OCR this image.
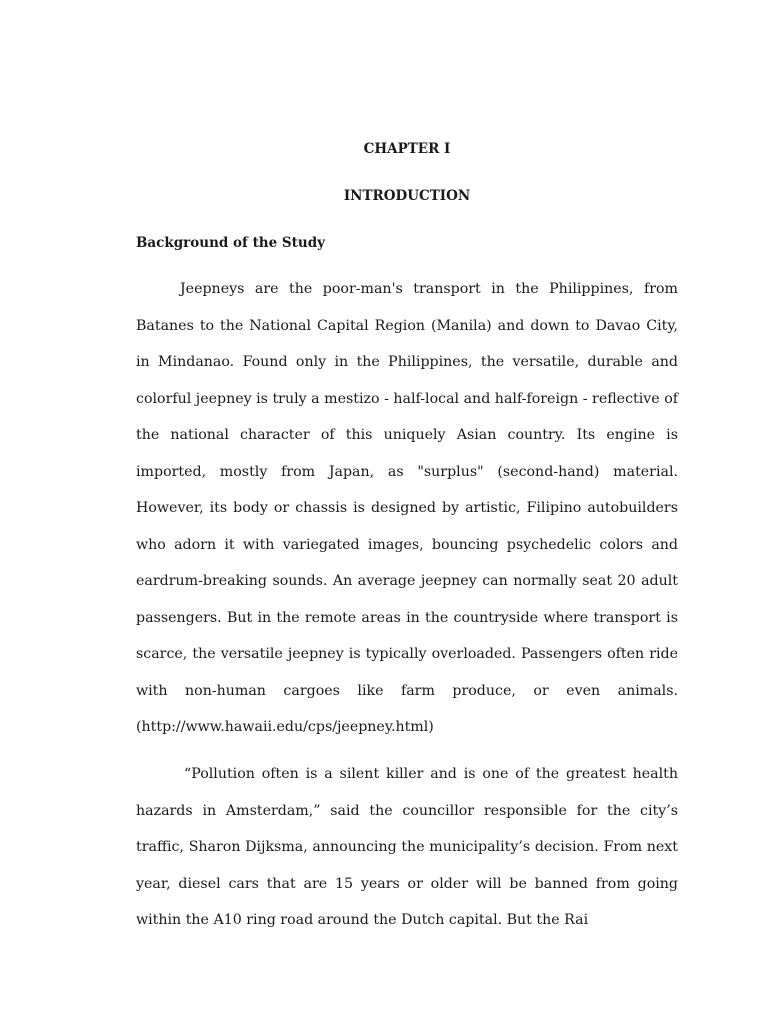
CHAPTER I
INTRODUCTION
Background of the Study

Jeepneys are the poor-man's transport in the Philippines, from Batanes to the National Capital Region (Manila) and down to Davao City, in Mindanao. Found only in the Philippines, the versatile, durable and colorful jeepney is truly a mestizo - half-local and half-foreign - reflective of the national character of this uniquely Asian country. Its engine is imported, mostly from Japan, as "surplus" (second-hand) material. However, its body or chassis is designed by artistic, Filipino autobuilders who adorn it with variegated images, bouncing psychedelic colors and eardrum-breaking sounds. An average jeepney can normally seat 20 adult passengers. But in the remote areas in the countryside where transport is scarce, the versatile jeepney is typically overloaded. Passengers often ride with non-human cargoes like farm produce, or even animals. (http://www.hawaii.edu/cps/jeepney.html)

“Pollution often is a silent killer and is one of the greatest health hazards in Amsterdam,” said the councillor responsible for the city’s traffic, Sharon Dijksma, announcing the municipality’s decision. From next year, diesel cars that are 15 years or older will be banned from going within the A10 ring road around the Dutch capital. But the Rai
